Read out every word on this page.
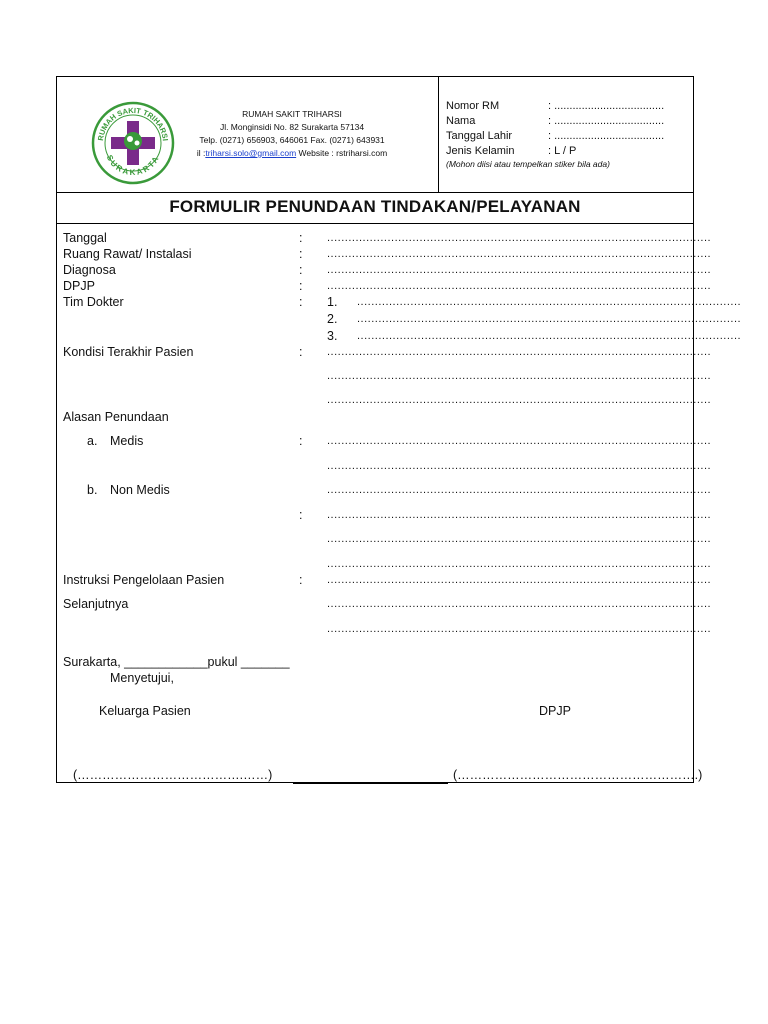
RUMAH SAKIT TRIHARSI
SURAKARTA
RUMAH SAKIT TRIHARSI
Jl. Monginsidi No. 82 Surakarta 57134
Telp. (0271) 656903, 646061 Fax. (0271) 643931
il :triharsi.solo@gmail.com Website : rstriharsi.com
Nomor RM	: ....................................
Nama	: ....................................
Tanggal Lahir	: ....................................
Jenis Kelamin	: L / P
(Mohon diisi atau tempelkan stiker bila ada)
FORMULIR PENUNDAAN TINDAKAN/PELAYANAN
Tanggal	: ............................................................................................................
Ruang Rawat/ Instalasi	: ............................................................................................................
Diagnosa	: ............................................................................................................
DPJP	: ............................................................................................................
Tim Dokter	: 1. ............................................................................................................
2. ............................................................................................................
3. ............................................................................................................
Kondisi Terakhir Pasien	: ............................................................................................................
............................................................................................................
............................................................................................................
Alasan Penundaan
a. Medis	: ............................................................................................................
............................................................................................................
b. Non Medis	............................................................................................................
: ............................................................................................................
............................................................................................................
............................................................................................................
Instruksi Pengelolaan Pasien	: ............................................................................................................
Selanjutnya	............................................................................................................
............................................................................................................
Surakarta, ____________pukul _______
Menyetujui,
Keluarga Pasien	DPJP
(………………………………….……)	(………………………………………………….)
